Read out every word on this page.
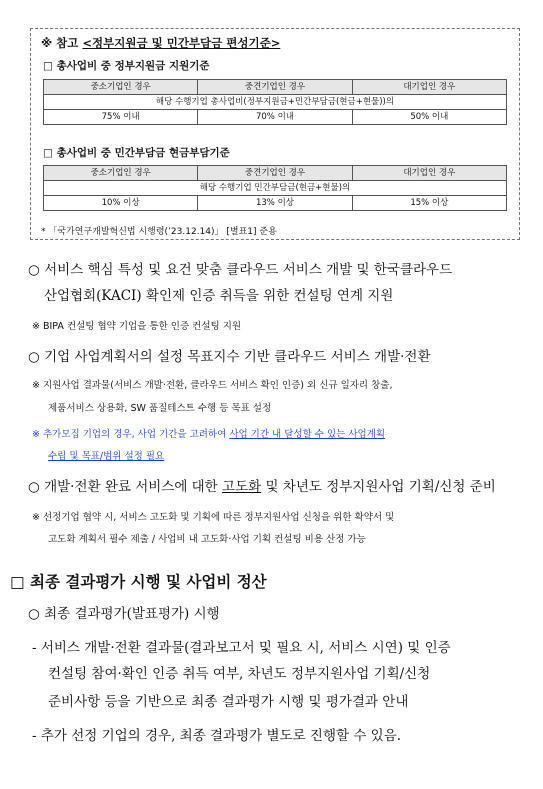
※ 참고 <정부지원금 및 민간부담금 편성기준>
□ 총사업비 중 정부지원금 지원기준
중소기업인 경우	중견기업인 경우	대기업인 경우
해당 수행기업 총사업비(정부지원금+민간부담금(현금+현물))의		
75% 이내	70% 이내	50% 이내
□ 총사업비 중 민간부담금 현금부담기준
중소기업인 경우	중견기업인 경우	대기업인 경우
해당 수행기업 민간부담금(현금+현물)의		
10% 이상	13% 이상	15% 이상
* 「국가연구개발혁신법 시행령(’23.12.14)」 [별표1] 준용
○ 서비스 핵심 특성 및 요건 맞춤 클라우드 서비스 개발 및 한국클라우드
산업협회(KACI) 확인제 인증 취득을 위한 컨설팅 연계 지원
※ BIPA 컨설팅 협약 기업을 통한 인증 컨설팅 지원
○ 기업 사업계획서의 설정 목표지수 기반 클라우드 서비스 개발·전환
※ 지원사업 결과물(서비스 개발·전환, 클라우드 서비스 확인 인증) 외 신규 일자리 창출,
제품서비스 상용화, SW 품질테스트 수행 등 목표 설정
※ 추가모집 기업의 경우, 사업 기간을 고려하여 사업 기간 내 달성할 수 있는 사업계획
수립 및 목표/범위 설정 필요
○ 개발·전환 완료 서비스에 대한 고도화 및 차년도 정부지원사업 기획/신청 준비
※ 선정기업 협약 시, 서비스 고도화 및 기획에 따른 정부지원사업 신청을 위한 확약서 및
고도화 계획서 필수 제출 / 사업비 내 고도화·사업 기획 컨설팅 비용 산정 가능
□ 최종 결과평가 시행 및 사업비 정산
○ 최종 결과평가(발표평가) 시행
- 서비스 개발·전환 결과물(결과보고서 및 필요 시, 서비스 시연) 및 인증
컨설팅 참여·확인 인증 취득 여부, 차년도 정부지원사업 기획/신청
준비사항 등을 기반으로 최종 결과평가 시행 및 평가결과 안내
- 추가 선정 기업의 경우, 최종 결과평가 별도로 진행할 수 있음.
